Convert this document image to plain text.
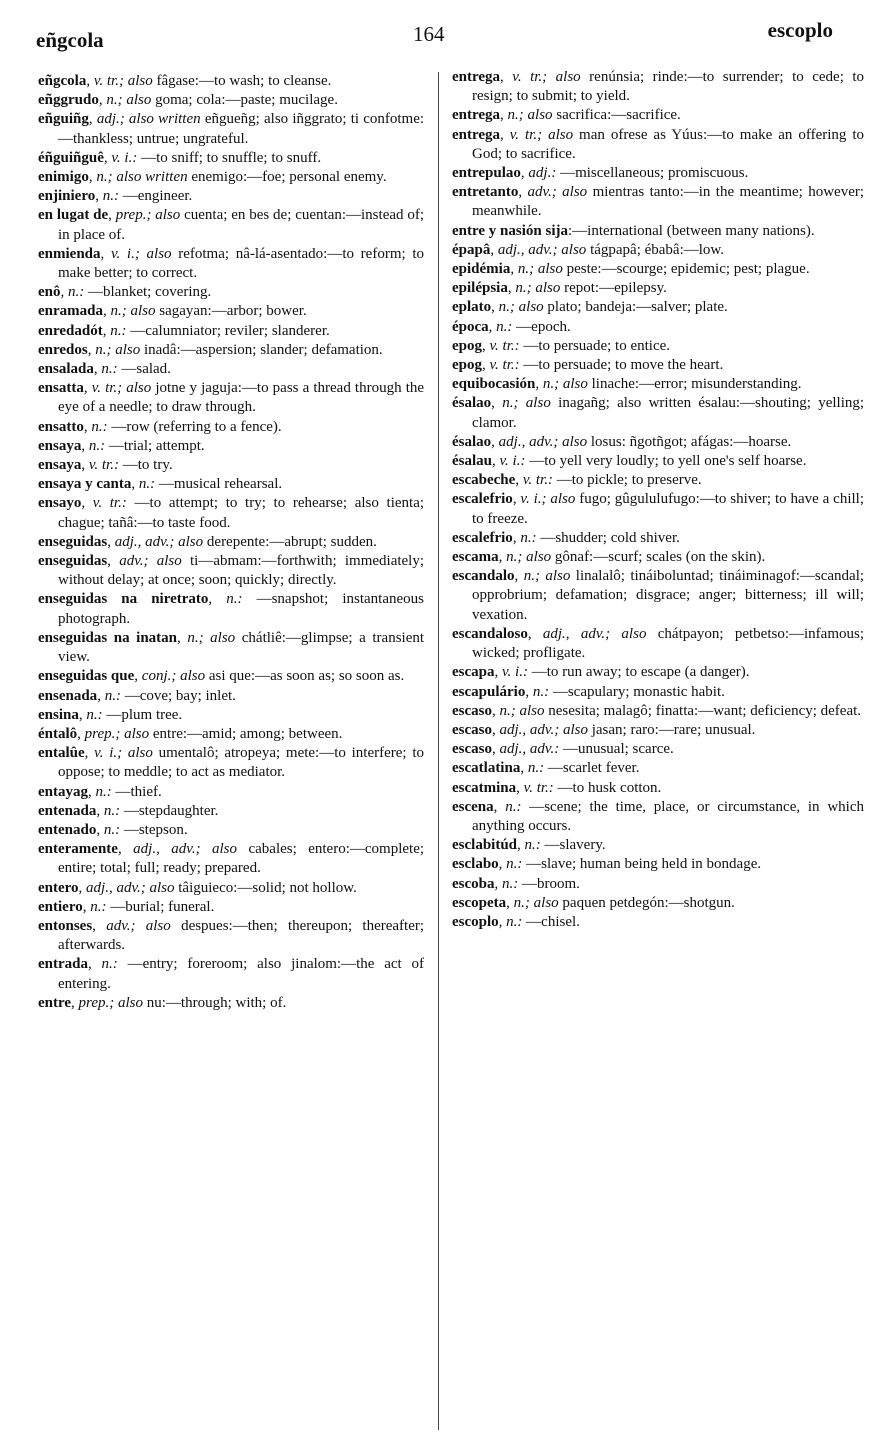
eñgcola	164	escoplo

eñgcola, v. tr.; also fâgase:—to wash; to cleanse.

eñggrudo, n.; also goma; cola:—paste; mucilage.

eñguiñg, adj.; also written eñgueñg; also iñggrato; ti confotme:—thankless; untrue; ungrateful.

éñguiñguê, v. i.: —to sniff; to snuffle; to snuff.

enimigo, n.; also written enemigo:—foe; personal enemy.

enjiniero, n.: —engineer.

en lugat de, prep.; also cuenta; en bes de; cuentan:—instead of; in place of.

enmienda, v. i.; also refotma; nâ-lá-asentado:—to reform; to make better; to correct.

enô, n.: —blanket; covering.

enramada, n.; also sagayan:—arbor; bower.

enredadót, n.: —calumniator; reviler; slanderer.

enredos, n.; also inadâ:—aspersion; slander; defamation.

ensalada, n.: —salad.

ensatta, v. tr.; also jotne y jaguja:—to pass a thread through the eye of a needle; to draw through.

ensatto, n.: —row (referring to a fence).

ensaya, n.: —trial; attempt.

ensaya, v. tr.: —to try.

ensaya y canta, n.: —musical rehearsal.

ensayo, v. tr.: —to attempt; to try; to rehearse; also tienta; chague; tañâ:—to taste food.

enseguidas, adj., adv.; also derepente:—abrupt; sudden.

enseguidas, adv.; also ti—abmam:—forthwith; immediately; without delay; at once; soon; quickly; directly.

enseguidas na niretrato, n.: —snapshot; instantaneous photograph.

enseguidas na inatan, n.; also chátliê:—glimpse; a transient view.

enseguidas que, conj.; also asi que:—as soon as; so soon as.

ensenada, n.: —cove; bay; inlet.

ensina, n.: —plum tree.

éntalô, prep.; also entre:—amid; among; between.

entalûe, v. i.; also umentalô; atropeya; mete:—to interfere; to oppose; to meddle; to act as mediator.

entayag, n.: —thief.

entenada, n.: —stepdaughter.

entenado, n.: —stepson.

enteramente, adj., adv.; also cabales; entero:—complete; entire; total; full; ready; prepared.

entero, adj., adv.; also tâiguieco:—solid; not hollow.

entiero, n.: —burial; funeral.

entonses, adv.; also despues:—then; thereupon; thereafter; afterwards.

entrada, n.: —entry; foreroom; also jinalom:—the act of entering.

entre, prep.; also nu:—through; with; of.

entrega, v. tr.; also renúnsia; rinde:—to surrender; to cede; to resign; to submit; to yield.

entrega, n.; also sacrifica:—sacrifice.

entrega, v. tr.; also man ofrese as Yúus:—to make an offering to God; to sacrifice.

entrepulao, adj.: —miscellaneous; promiscuous.

entretanto, adv.; also mientras tanto:—in the meantime; however; meanwhile.

entre y nasión sija:—international (between many nations).

épapâ, adj., adv.; also tágpapâ; ébabâ:—low.

epidémia, n.; also peste:—scourge; epidemic; pest; plague.

epilépsia, n.; also repot:—epilepsy.

eplato, n.; also plato; bandeja:—salver; plate.

época, n.: —epoch.

epog, v. tr.: —to persuade; to entice.

epog, v. tr.: —to persuade; to move the heart.

equibocasión, n.; also linache:—error; misunderstanding.

ésalao, n.; also inagañg; also written ésalau:—shouting; yelling; clamor.

ésalao, adj., adv.; also losus: ñgotñgot; afágas:—hoarse.

ésalau, v. i.: —to yell very loudly; to yell one's self hoarse.

escabeche, v. tr.: —to pickle; to preserve.

escalefrio, v. i.; also fugo; gûgululufugo:—to shiver; to have a chill; to freeze.

escalefrio, n.: —shudder; cold shiver.

escama, n.; also gônaf:—scurf; scales (on the skin).

escandalo, n.; also linalalô; tináiboluntad; tináiminagof:—scandal; opprobrium; defamation; disgrace; anger; bitterness; ill will; vexation.

escandaloso, adj., adv.; also chátpayon; petbetso:—infamous; wicked; profligate.

escapa, v. i.: —to run away; to escape (a danger).

escapulário, n.: —scapulary; monastic habit.

escaso, n.; also nesesita; malagô; finatta:—want; deficiency; defeat.

escaso, adj., adv.; also jasan; raro:—rare; unusual.

escaso, adj., adv.: —unusual; scarce.

escatlatina, n.: —scarlet fever.

escatmina, v. tr.: —to husk cotton.

escena, n.: —scene; the time, place, or circumstance, in which anything occurs.

esclabitúd, n.: —slavery.

esclabo, n.: —slave; human being held in bondage.

escoba, n.: —broom.

escopeta, n.; also paquen petdegón:—shotgun.

escoplo, n.: —chisel.
